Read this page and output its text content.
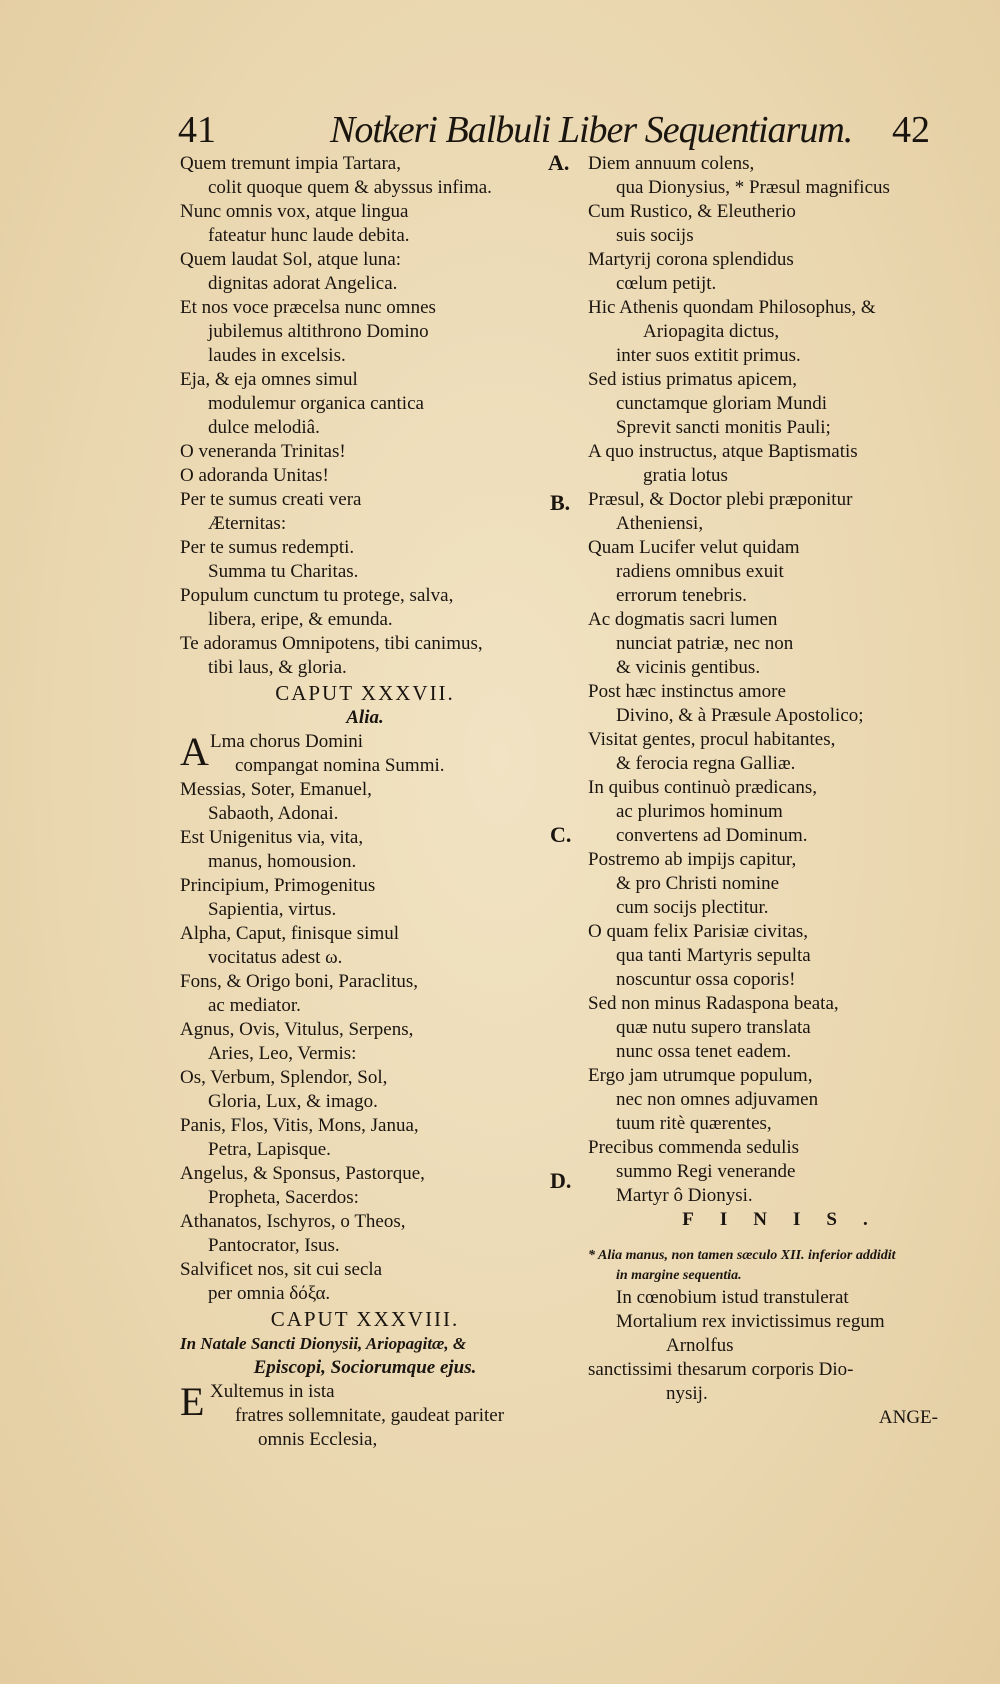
41	Notkeri Balbuli Liber Sequentiarum. 42
A.
B.
C.
D.
Quem tremunt impia Tartara,
colit quoque quem & abyssus infima.
Nunc omnis vox, atque lingua
fateatur hunc laude debita.
Quem laudat Sol, atque luna:
dignitas adorat Angelica.
Et nos voce præcelsa nunc omnes
jubilemus altithrono Domino
laudes in excelsis.
Eja, & eja omnes simul
modulemur organica cantica
dulce melodiâ.
O veneranda Trinitas!
O adoranda Unitas!
Per te sumus creati vera
Æternitas:
Per te sumus redempti.
Summa tu Charitas.
Populum cunctum tu protege, salva,
libera, eripe, & emunda.
Te adoramus Omnipotens, tibi canimus,
tibi laus, & gloria.
CAPUT XXXVII.
Alia.
A Lma chorus Domini
compangat nomina Summi.
Messias, Soter, Emanuel,
Sabaoth, Adonai.
Est Unigenitus via, vita,
manus, homousion.
Principium, Primogenitus
Sapientia, virtus.
Alpha, Caput, finisque simul
vocitatus adest ω.
Fons, & Origo boni, Paraclitus,
ac mediator.
Agnus, Ovis, Vitulus, Serpens,
Aries, Leo, Vermis:
Os, Verbum, Splendor, Sol,
Gloria, Lux, & imago.
Panis, Flos, Vitis, Mons, Janua,
Petra, Lapisque.
Angelus, & Sponsus, Pastorque,
Propheta, Sacerdos:
Athanatos, Ischyros, o Theos,
Pantocrator, Isus.
Salvificet nos, sit cui secla
per omnia δόξα.
CAPUT XXXVIII.
In Natale Sancti Dionysii, Ariopagitæ, &
Episcopi, Sociorumque ejus.
E Xultemus in ista
fratres sollemnitate, gaudeat pariter
omnis Ecclesia,
Diem annuum colens,
qua Dionysius, * Præsul magnificus
Cum Rustico, & Eleutherio
suis socijs
Martyrij corona splendidus
cœlum petijt.
Hic Athenis quondam Philosophus, &
Ariopagita dictus,
inter suos extitit primus.
Sed istius primatus apicem,
cunctamque gloriam Mundi
Sprevit sancti monitis Pauli;
A quo instructus, atque Baptismatis
gratia lotus
Præsul, & Doctor plebi præponitur
Atheniensi,
Quam Lucifer velut quidam
radiens omnibus exuit
errorum tenebris.
Ac dogmatis sacri lumen
nunciat patriæ, nec non
& vicinis gentibus.
Post hæc instinctus amore
Divino, & à Præsule Apostolico;
Visitat gentes, procul habitantes,
& ferocia regna Galliæ.
In quibus continuò prædicans,
ac plurimos hominum
convertens ad Dominum.
Postremo ab impijs capitur,
& pro Christi nomine
cum socijs plectitur.
O quam felix Parisiæ civitas,
qua tanti Martyris sepulta
noscuntur ossa coporis!
Sed non minus Radaspona beata,
quæ nutu supero translata
nunc ossa tenet eadem.
Ergo jam utrumque populum,
nec non omnes adjuvamen
tuum ritè quærentes,
Precibus commenda sedulis
summo Regi venerande
Martyr ô Dionysi.
FINIS.
* Alia manus, non tamen sæculo XII. inferior addidit
in margine sequentia.
In cœnobium istud transtulerat
Mortalium rex invictissimus regum
Arnolfus
sanctissimi thesarum corporis Dio-
nysij.
ANGE-
